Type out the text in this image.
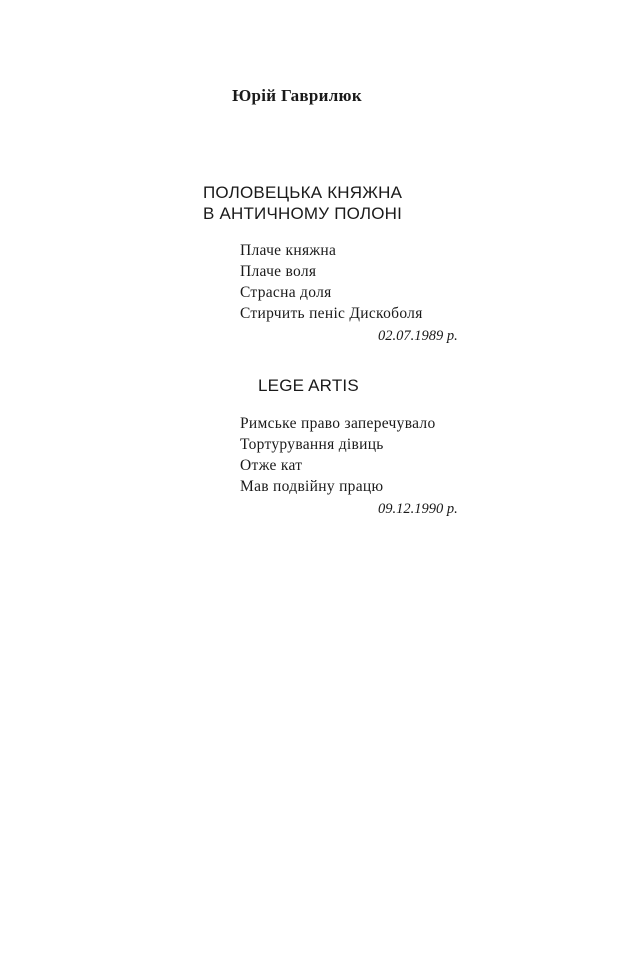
Юрій Гаврилюк
ПОЛОВЕЦЬКА КНЯЖНА
В АНТИЧНОМУ ПОЛОНІ
Плаче княжна
Плаче воля
Страсна доля
Стирчить пеніс Дискоболя
02.07.1989 р.
LEGE ARTIS
Римське право заперечувало
Тортурування дівиць
Отже кат
Мав подвійну працю
09.12.1990 р.
